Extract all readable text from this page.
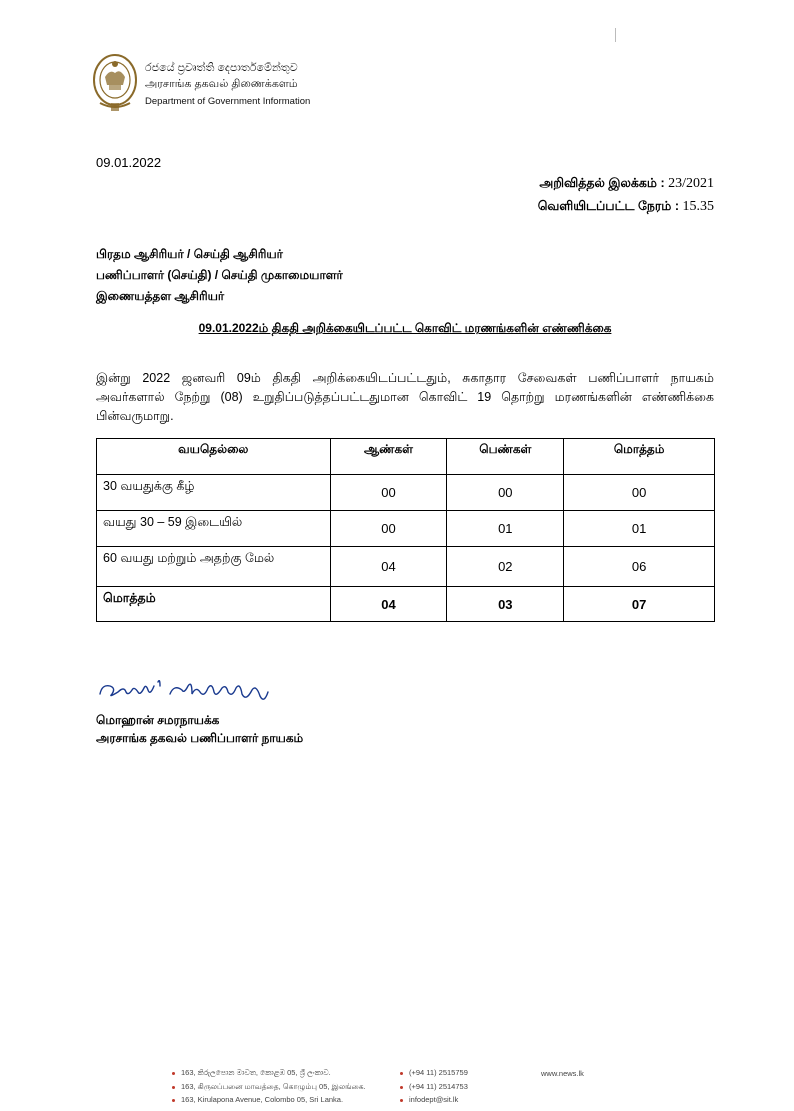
රජයේ ප්‍රවෘත්ති දෙපාර්තමේන්තුව
அரசாங்க தகவல் திணைக்களம்
Department of Government Information
09.01.2022
அறிவித்தல் இலக்கம் : 23/2021
வெளியிடப்பட்ட நேரம் : 15.35
பிரதம ஆசிரியர் / செய்தி ஆசிரியர்
பணிப்பாளர் (செய்தி) / செய்தி முகாமையாளர்
இணையத்தள ஆசிரியர்
09.01.2022ம் திகதி அறிக்கையிடப்பட்ட கொவிட் மரணங்களின் எண்ணிக்கை
இன்று 2022 ஜனவரி 09ம் திகதி அறிக்கையிடப்பட்டதும், சுகாதார சேவைகள் பணிப்பாளர் நாயகம் அவர்களால் நேற்று (08) உறுதிப்படுத்தப்பட்டதுமான கொவிட் 19 தொற்று மரணங்களின் எண்ணிக்கை பின்வருமாறு.
வயதெல்லை	ஆண்கள்	பெண்கள்	மொத்தம்
30 வயதுக்கு கீழ்	00	00	00
வயது 30 – 59 இடையில்	00	01	01
60 வயது மற்றும் அதற்கு மேல்	04	02	06
மொத்தம்	04	03	07
மொஹான் சமரநாயக்க
அரசாங்க தகவல் பணிப்பாளர் நாயகம்
163, කිරුලපොන මාවත, කොළඹ 05, ශ්‍රී ලංකාව.
163, கிருலப்பனை மாவத்தை, கொழும்பு 05, இலங்கை.
163, Kirulapona Avenue, Colombo 05, Sri Lanka.
(+94 11) 2515759
(+94 11) 2514753
infodept@sit.lk
www.news.lk
